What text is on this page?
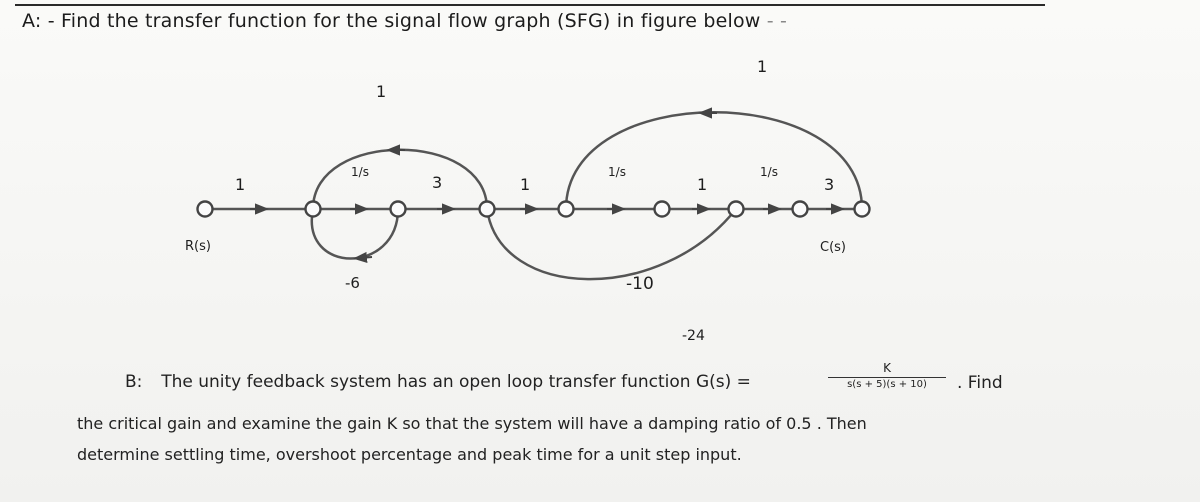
A: - Find the transfer function for the signal flow graph (SFG) in figure below - -
1	3	1	1	3
1/s	1/s	1/s
1
1
-6	-10
-24
R(s)	C(s)
B: The unity feedback system has an open loop transfer function G(s) =
K
s(s + 5)(s + 10)	. Find
the critical gain and examine the gain K so that the system will have a damping ratio of 0.5 . Then
determine settling time, overshoot percentage and peak time for a unit step input.
